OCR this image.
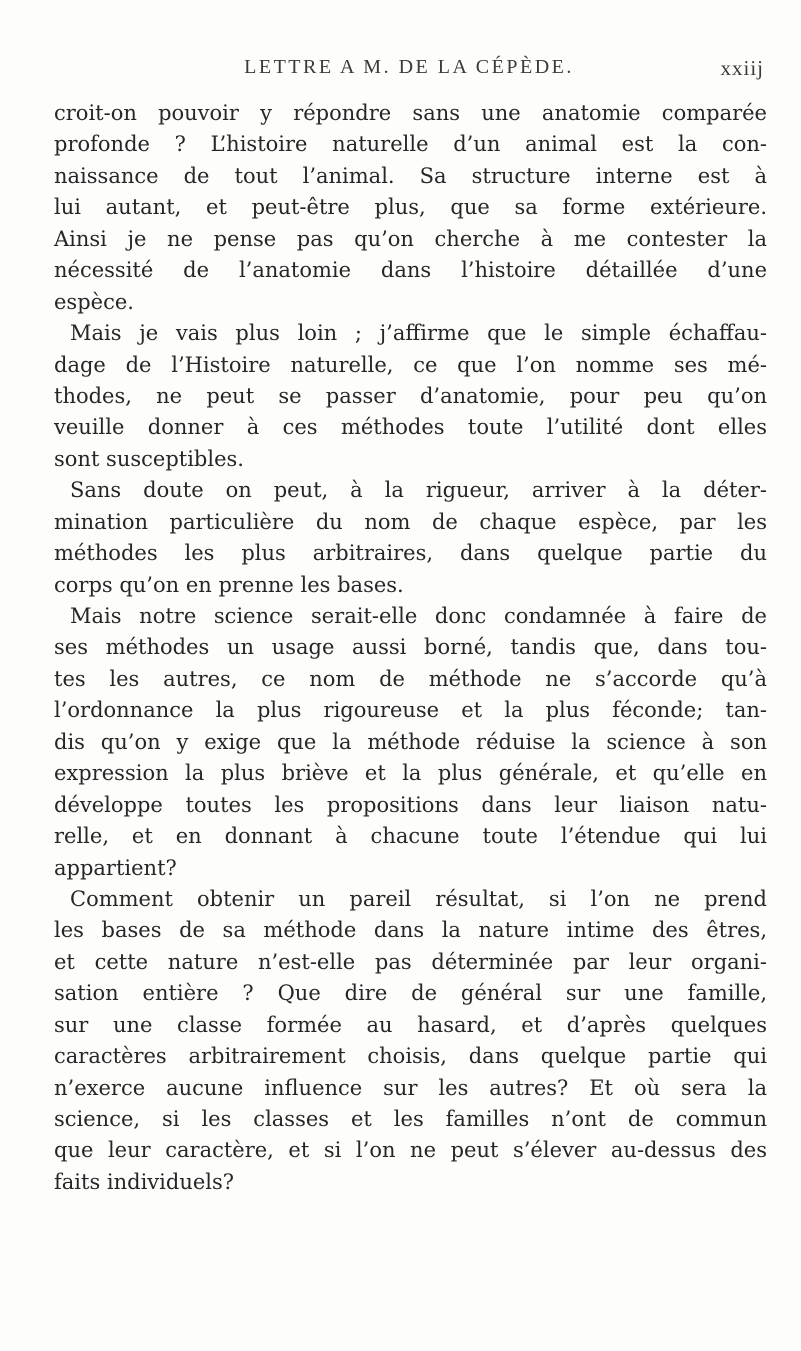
LETTRE A M. DE LA CÉPÈDE.	xxiij
croit-on pouvoir y répondre sans une anatomie comparée
profonde ? L’histoire naturelle d’un animal est la con-
naissance de tout l’animal. Sa structure interne est à
lui autant, et peut-être plus, que sa forme extérieure.
Ainsi je ne pense pas qu’on cherche à me contester la
nécessité de l’anatomie dans l’histoire détaillée d’une
espèce.
Mais je vais plus loin ; j’affirme que le simple échaffau-
dage de l’Histoire naturelle, ce que l’on nomme ses mé-
thodes, ne peut se passer d’anatomie, pour peu qu’on
veuille donner à ces méthodes toute l’utilité dont elles
sont susceptibles.
Sans doute on peut, à la rigueur, arriver à la déter-
mination particulière du nom de chaque espèce, par les
méthodes les plus arbitraires, dans quelque partie du
corps qu’on en prenne les bases.
Mais notre science serait-elle donc condamnée à faire de
ses méthodes un usage aussi borné, tandis que, dans tou-
tes les autres, ce nom de méthode ne s’accorde qu’à
l’ordonnance la plus rigoureuse et la plus féconde; tan-
dis qu’on y exige que la méthode réduise la science à son
expression la plus briève et la plus générale, et qu’elle en
développe toutes les propositions dans leur liaison natu-
relle, et en donnant à chacune toute l’étendue qui lui
appartient?
Comment obtenir un pareil résultat, si l’on ne prend
les bases de sa méthode dans la nature intime des êtres,
et cette nature n’est-elle pas déterminée par leur organi-
sation entière ? Que dire de général sur une famille,
sur une classe formée au hasard, et d’après quelques
caractères arbitrairement choisis, dans quelque partie qui
n’exerce aucune influence sur les autres? Et où sera la
science, si les classes et les familles n’ont de commun
que leur caractère, et si l’on ne peut s’élever au-dessus des
faits individuels?
